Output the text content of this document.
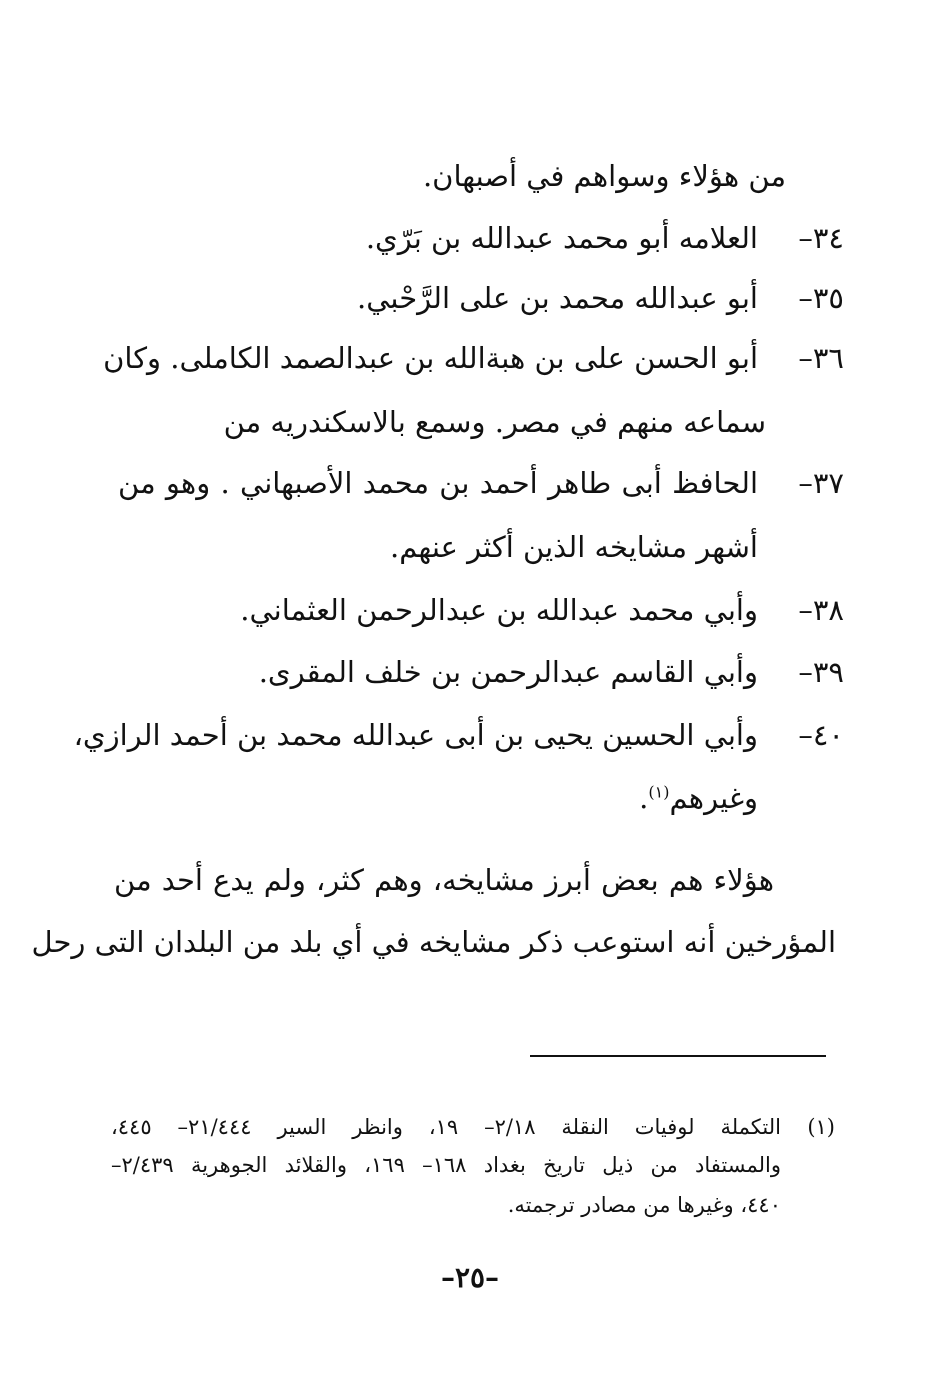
من هؤلاء وسواهم في أصبهان.
٣٤–
العلامه أبو محمد عبدالله بن بَرّي.
٣٥–
أبو عبدالله محمد بن على الرَّحْبي.
٣٦–
أبو الحسن على بن هبةالله بن عبدالصمد الكاملى. وكان
سماعه منهم في مصر. وسمع بالاسكندريه من
٣٧–
الحافظ أبى طاهر أحمد بن محمد الأصبهاني . وهو من
أشهر مشايخه الذين أكثر عنهم.
٣٨–
وأبي محمد عبدالله بن عبدالرحمن العثماني.
٣٩–
وأبي القاسم عبدالرحمن بن خلف المقرى.
٤٠–
وأبي الحسين يحيى بن أبى عبدالله محمد بن أحمد الرازي،
وغيرهم$^{(١)}$.
هؤلاء هم بعض أبرز مشايخه، وهم كثر، ولم يدع أحد من
المؤرخين أنه استوعب ذكر مشايخه في أي بلد من البلدان التى رحل
(١)
التكملة لوفيات النقلة ٢/١٨– ١٩، وانظر السير ٢١/٤٤٤– ٤٤٥،
والمستفاد من ذيل تاريخ بغداد ١٦٨– ١٦٩، والقلائد الجوهرية ٢/٤٣٩–
٤٤٠، وغيرها من مصادر ترجمته.
–٢٥–
